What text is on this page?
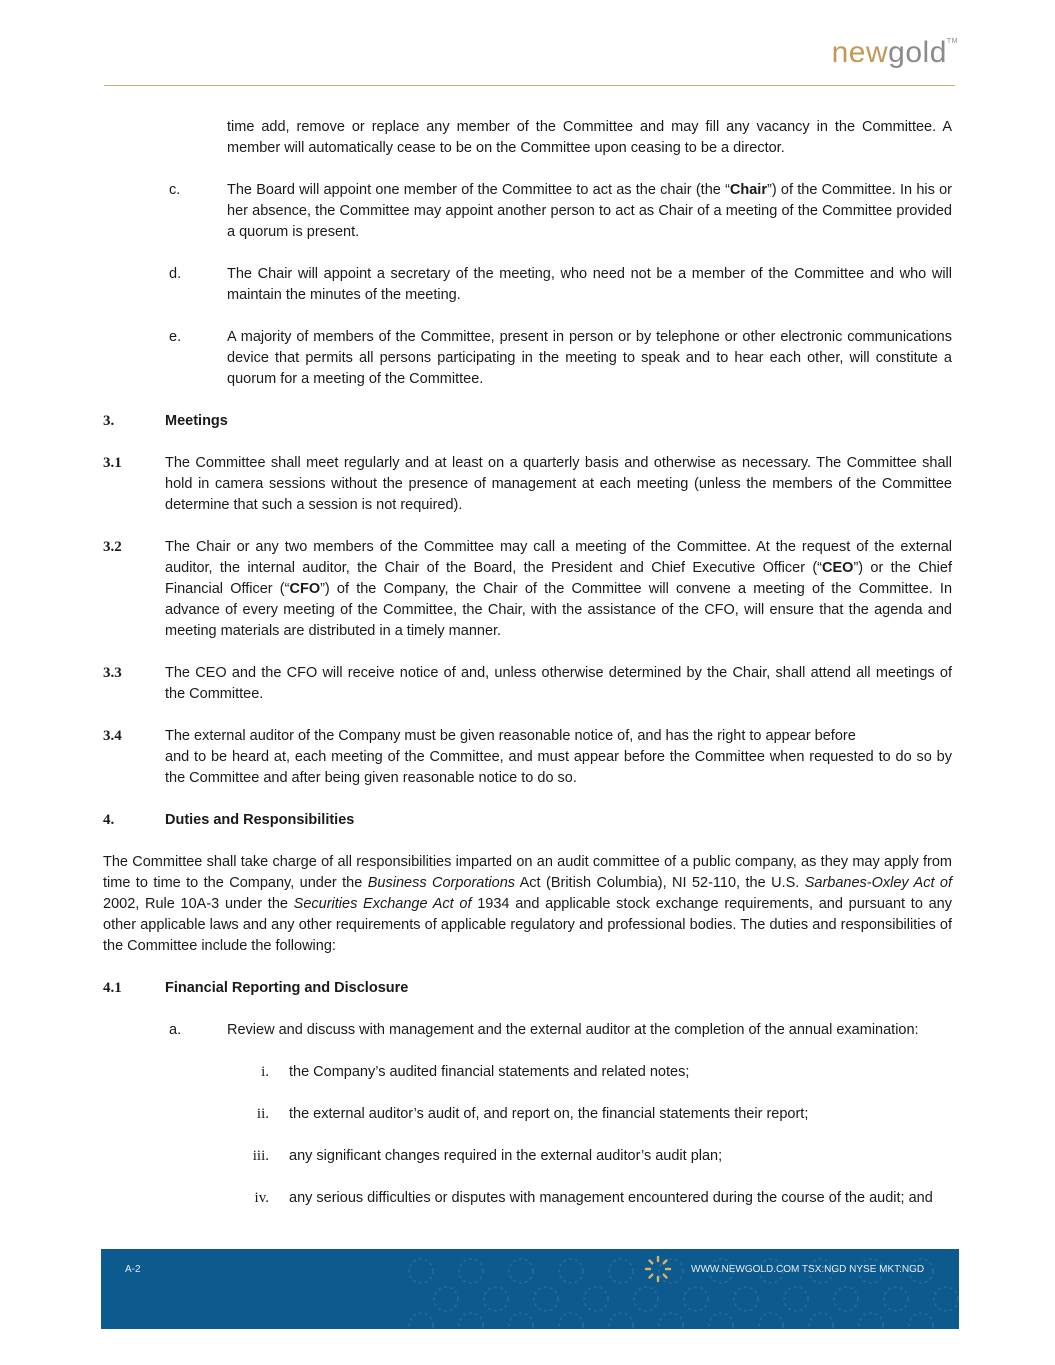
newgold™

time add, remove or replace any member of the Committee and may fill any vacancy in the Committee. A member will automatically cease to be on the Committee upon ceasing to be a director.

c.	The Board will appoint one member of the Committee to act as the chair (the “Chair”) of the Committee. In his or her absence, the Committee may appoint another person to act as Chair of a meeting of the Committee provided a quorum is present.

d.	The Chair will appoint a secretary of the meeting, who need not be a member of the Committee and who will maintain the minutes of the meeting.

e.	A majority of members of the Committee, present in person or by telephone or other electronic communications device that permits all persons participating in the meeting to speak and to hear each other, will constitute a quorum for a meeting of the Committee.

3.	Meetings

3.1	The Committee shall meet regularly and at least on a quarterly basis and otherwise as necessary. The Committee shall hold in camera sessions without the presence of management at each meeting (unless the members of the Committee determine that such a session is not required).

3.2	The Chair or any two members of the Committee may call a meeting of the Committee. At the request of the external auditor, the internal auditor, the Chair of the Board, the President and Chief Executive Officer (“CEO”) or the Chief Financial Officer (“CFO”) of the Company, the Chair of the Committee will convene a meeting of the Committee. In advance of every meeting of the Committee, the Chair, with the assistance of the CFO, will ensure that the agenda and meeting materials are distributed in a timely manner.

3.3	The CEO and the CFO will receive notice of and, unless otherwise determined by the Chair, shall attend all meetings of the Committee.

3.4	The external auditor of the Company must be given reasonable notice of, and has the right to appear before
and to be heard at, each meeting of the Committee, and must appear before the Committee when requested to do so by the Committee and after being given reasonable notice to do so.

4.	Duties and Responsibilities

The Committee shall take charge of all responsibilities imparted on an audit committee of a public company, as they may apply from time to time to the Company, under the Business Corporations Act (British Columbia), NI 52-110, the U.S. Sarbanes-Oxley Act of 2002, Rule 10A-3 under the Securities Exchange Act of 1934 and applicable stock exchange requirements, and pursuant to any other applicable laws and any other requirements of applicable regulatory and professional bodies. The duties and responsibilities of the Committee include the following:

4.1	Financial Reporting and Disclosure

a.	Review and discuss with management and the external auditor at the completion of the annual examination:

i. the Company’s audited financial statements and related notes;

ii. the external auditor’s audit of, and report on, the financial statements their report;

iii. any significant changes required in the external auditor’s audit plan;

iv. any serious difficulties or disputes with management encountered during the course of the audit; and

A-2	WWW.NEWGOLD.COM TSX:NGD NYSE MKT:NGD
